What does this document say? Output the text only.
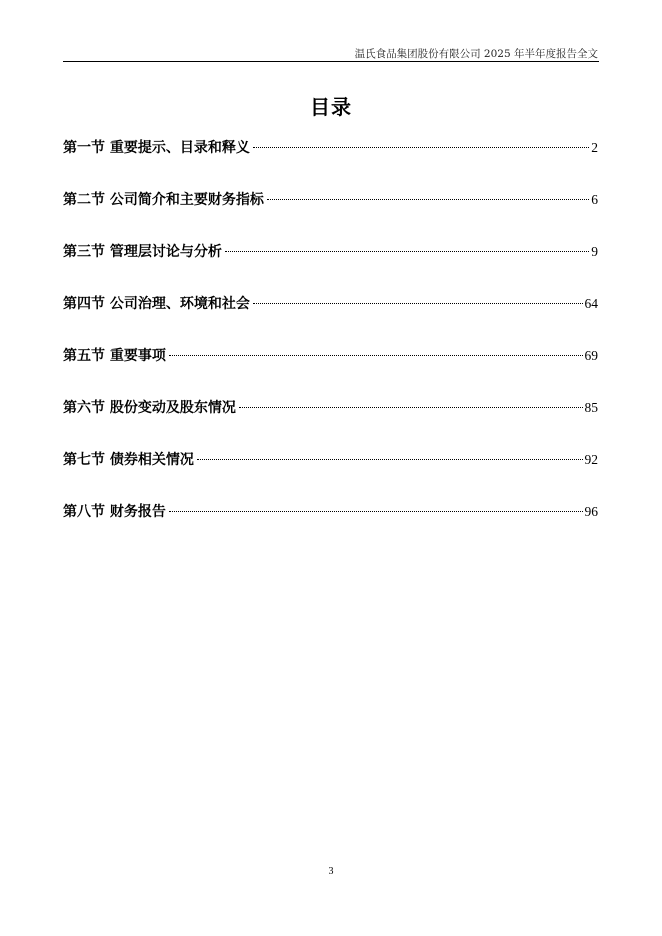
温氏食品集团股份有限公司 2025 年半年度报告全文
目录
第一节 重要提示、目录和释义	2
第二节 公司简介和主要财务指标	6
第三节 管理层讨论与分析	9
第四节 公司治理、环境和社会	64
第五节 重要事项	69
第六节 股份变动及股东情况	85
第七节 债券相关情况	92
第八节 财务报告	96
3
